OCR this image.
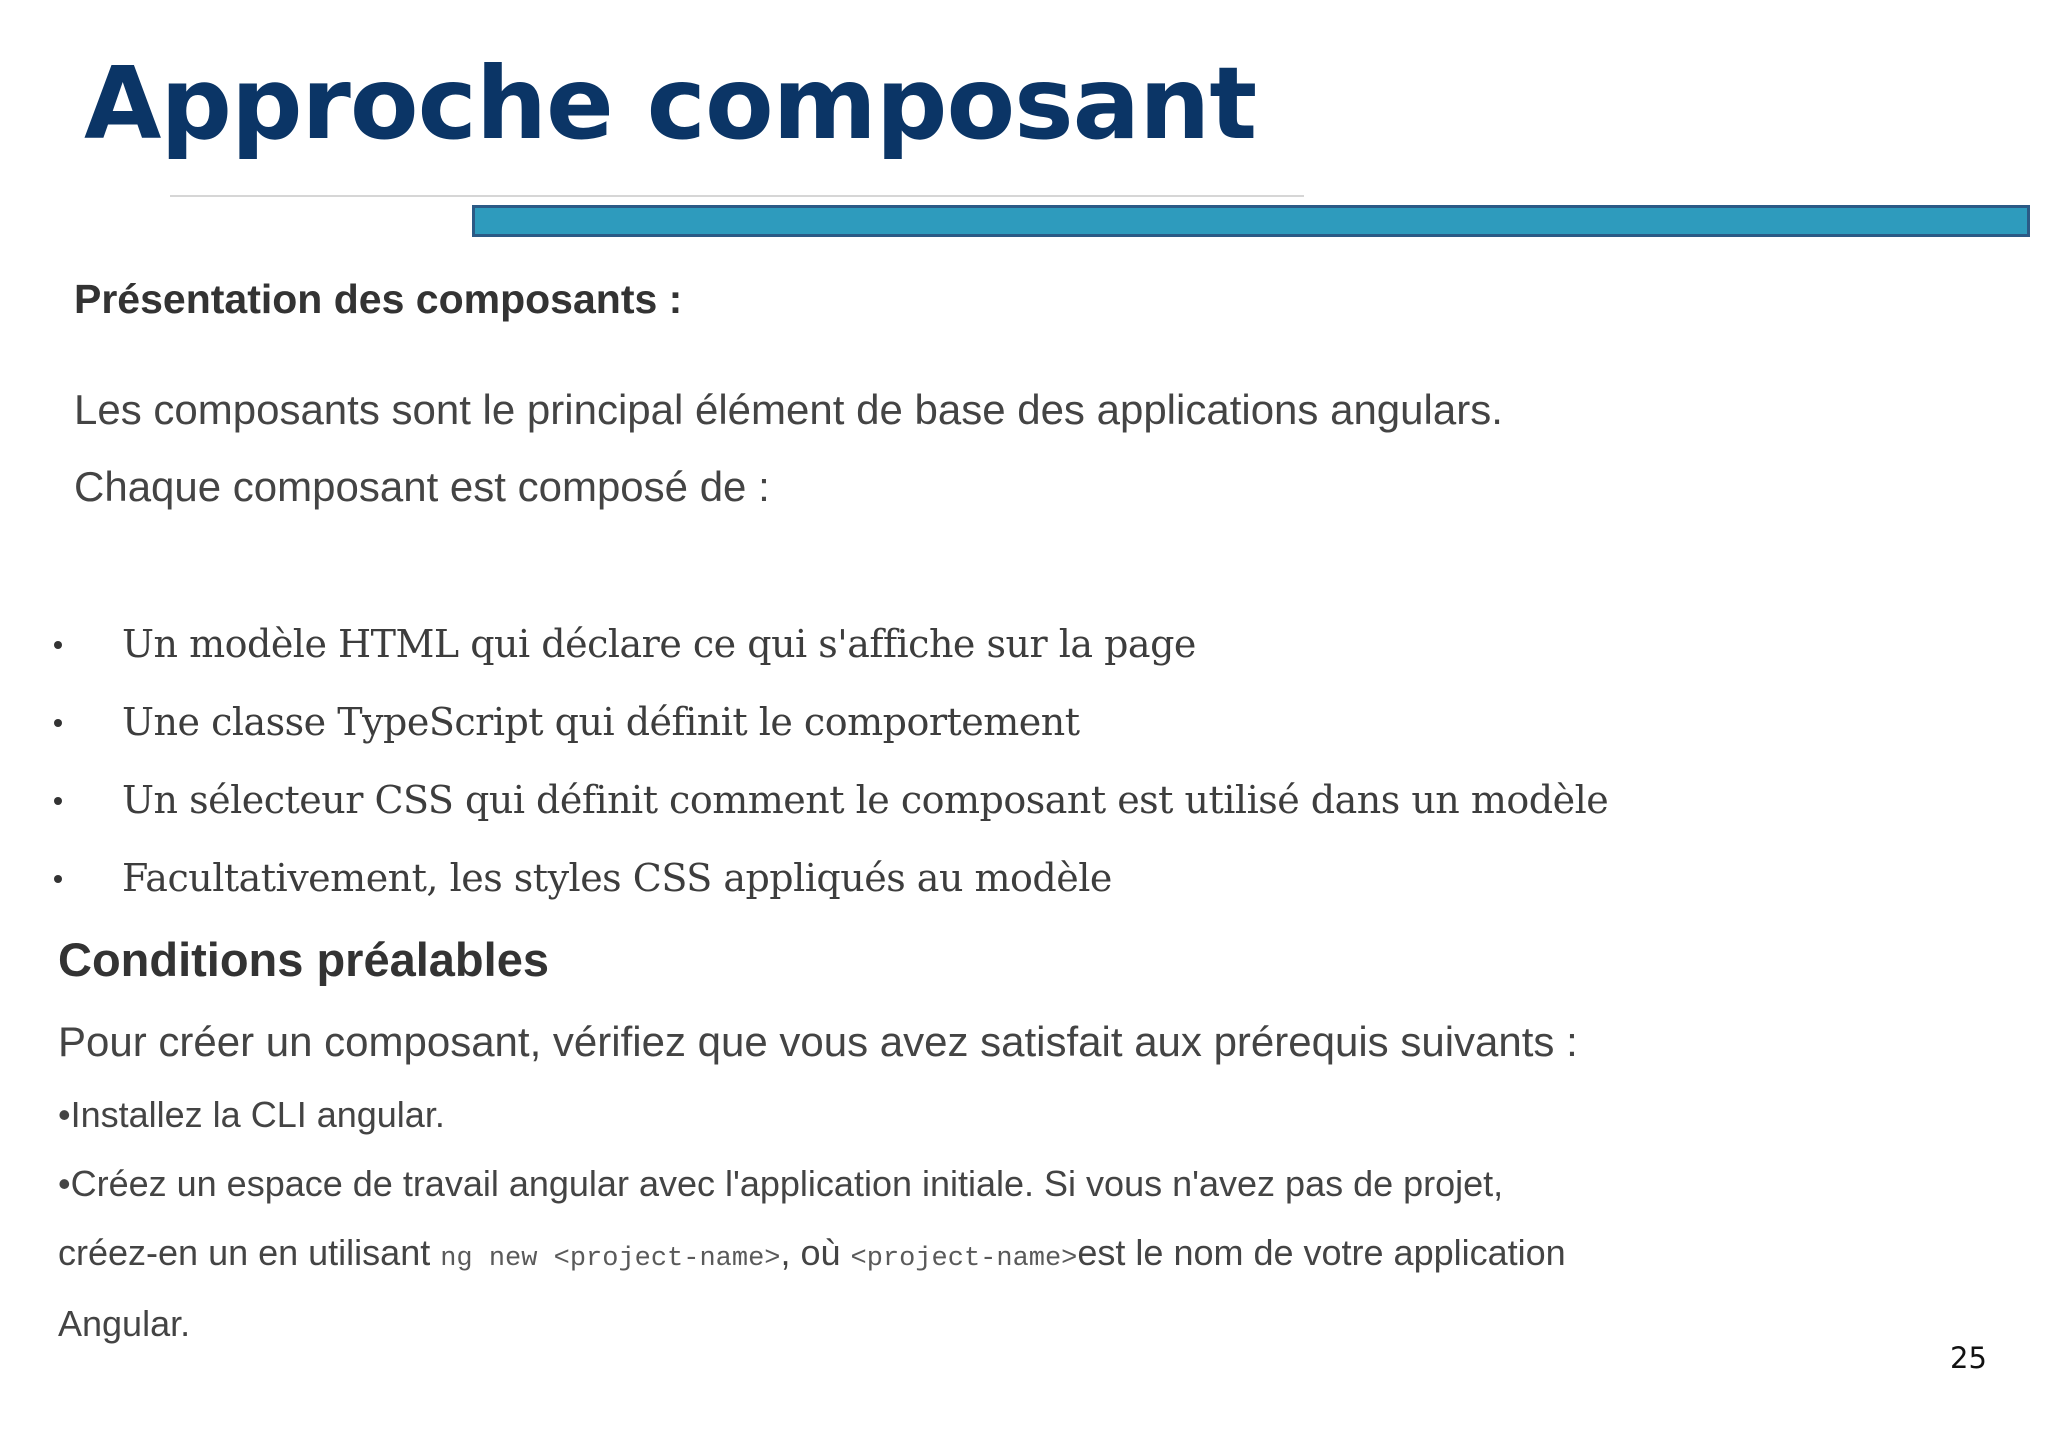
Approche composant
Présentation des composants :

Les composants sont le principal élément de base des applications angulars.

Chaque composant est composé de :

Un modèle HTML qui déclare ce qui s'affiche sur la page
Une classe TypeScript qui définit le comportement
Un sélecteur CSS qui définit comment le composant est utilisé dans un modèle
Facultativement, les styles CSS appliqués au modèle
Conditions préalables

Pour créer un composant, vérifiez que vous avez satisfait aux prérequis suivants :

•Installez la CLI angular.

•Créez un espace de travail angular avec l'application initiale. Si vous n'avez pas de projet,

créez-en un en utilisant ng new <project-name>, où <project-name>est le nom de votre application

Angular.

25
